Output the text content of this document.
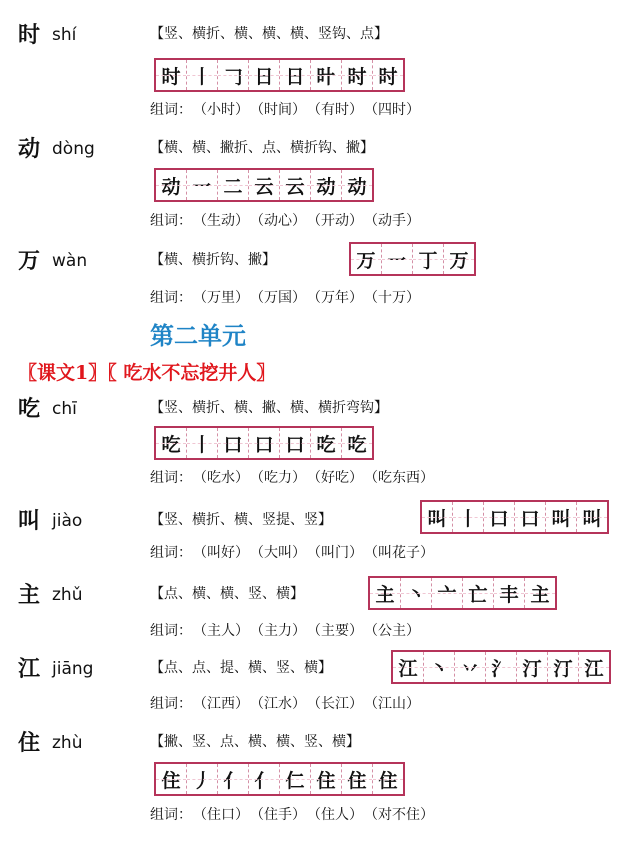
第二单元
〖课文1〗〖 吃水不忘挖井人〗
时 shí	【竖、横折、横、横、横、竖钩、点】
时 丨 𠃌 日 日 旪 时 时
组词： （小时） （时间） （有时） （四时）
动 dòng	【横、横、撇折、点、横折钩、撇】
动 一 二 云 云 动 动
组词： （生动） （动心） （开动） （动手）
万 wàn	【横、横折钩、撇】	万 一 丁 万
组词： （万里） （万国） （万年） （十万）
吃 chī	【竖、横折、横、撇、横、横折弯钩】
吃 丨 口 口 口 吃 吃
组词： （吃水） （吃力） （好吃） （吃东西）
叫 jiào	【竖、横折、横、竖提、竖】	叫 丨 口 口 叫 叫
组词： （叫好） （大叫） （叫门） （叫花子）
主 zhǔ	【点、横、横、竖、横】	主 丶 亠 亡 丰 主
组词： （主人） （主力） （主要） （公主）
江 jiāng	【点、点、提、横、竖、横】	江 丶 丷 氵 汀 汀 江
组词： （江西） （江水） （长江） （江山）
住 zhù	【撇、竖、点、横、横、竖、横】
住 丿 亻 亻 仁 住 住 住
组词： （住口） （住手） （住人） （对不住）
